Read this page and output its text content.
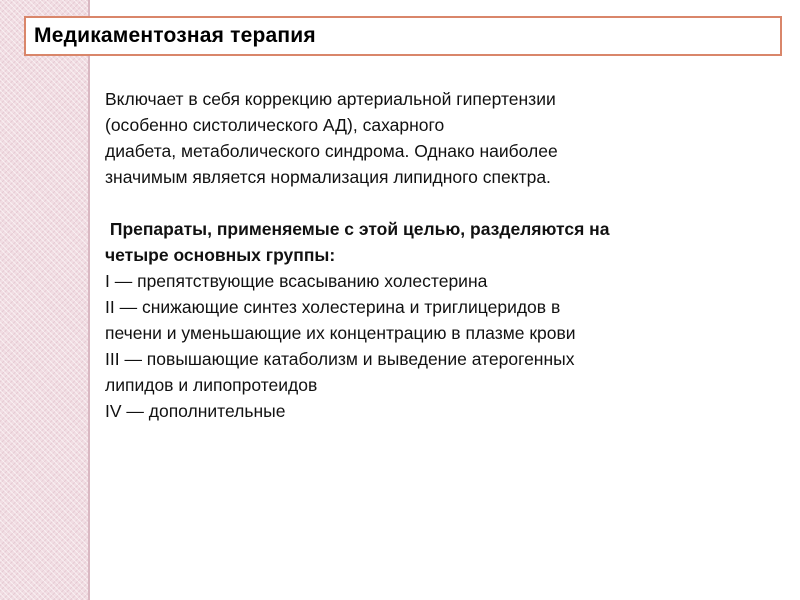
Медикаментозная терапия

Включает в себя коррекцию артериальной гипертензии
(особенно систолического АД), сахарного
диабета, метаболического синдрома. Однако наиболее
значимым является нормализация липидного спектра.

Препараты, применяемые с этой целью, разделяются на
четыре основных группы:

I — препятствующие всасыванию холестерина
II — снижающие синтез холестерина и триглицеридов в
печени и уменьшающие их концентрацию в плазме крови
III — повышающие катаболизм и выведение атерогенных
липидов и липопротеидов
IV — дополнительные
